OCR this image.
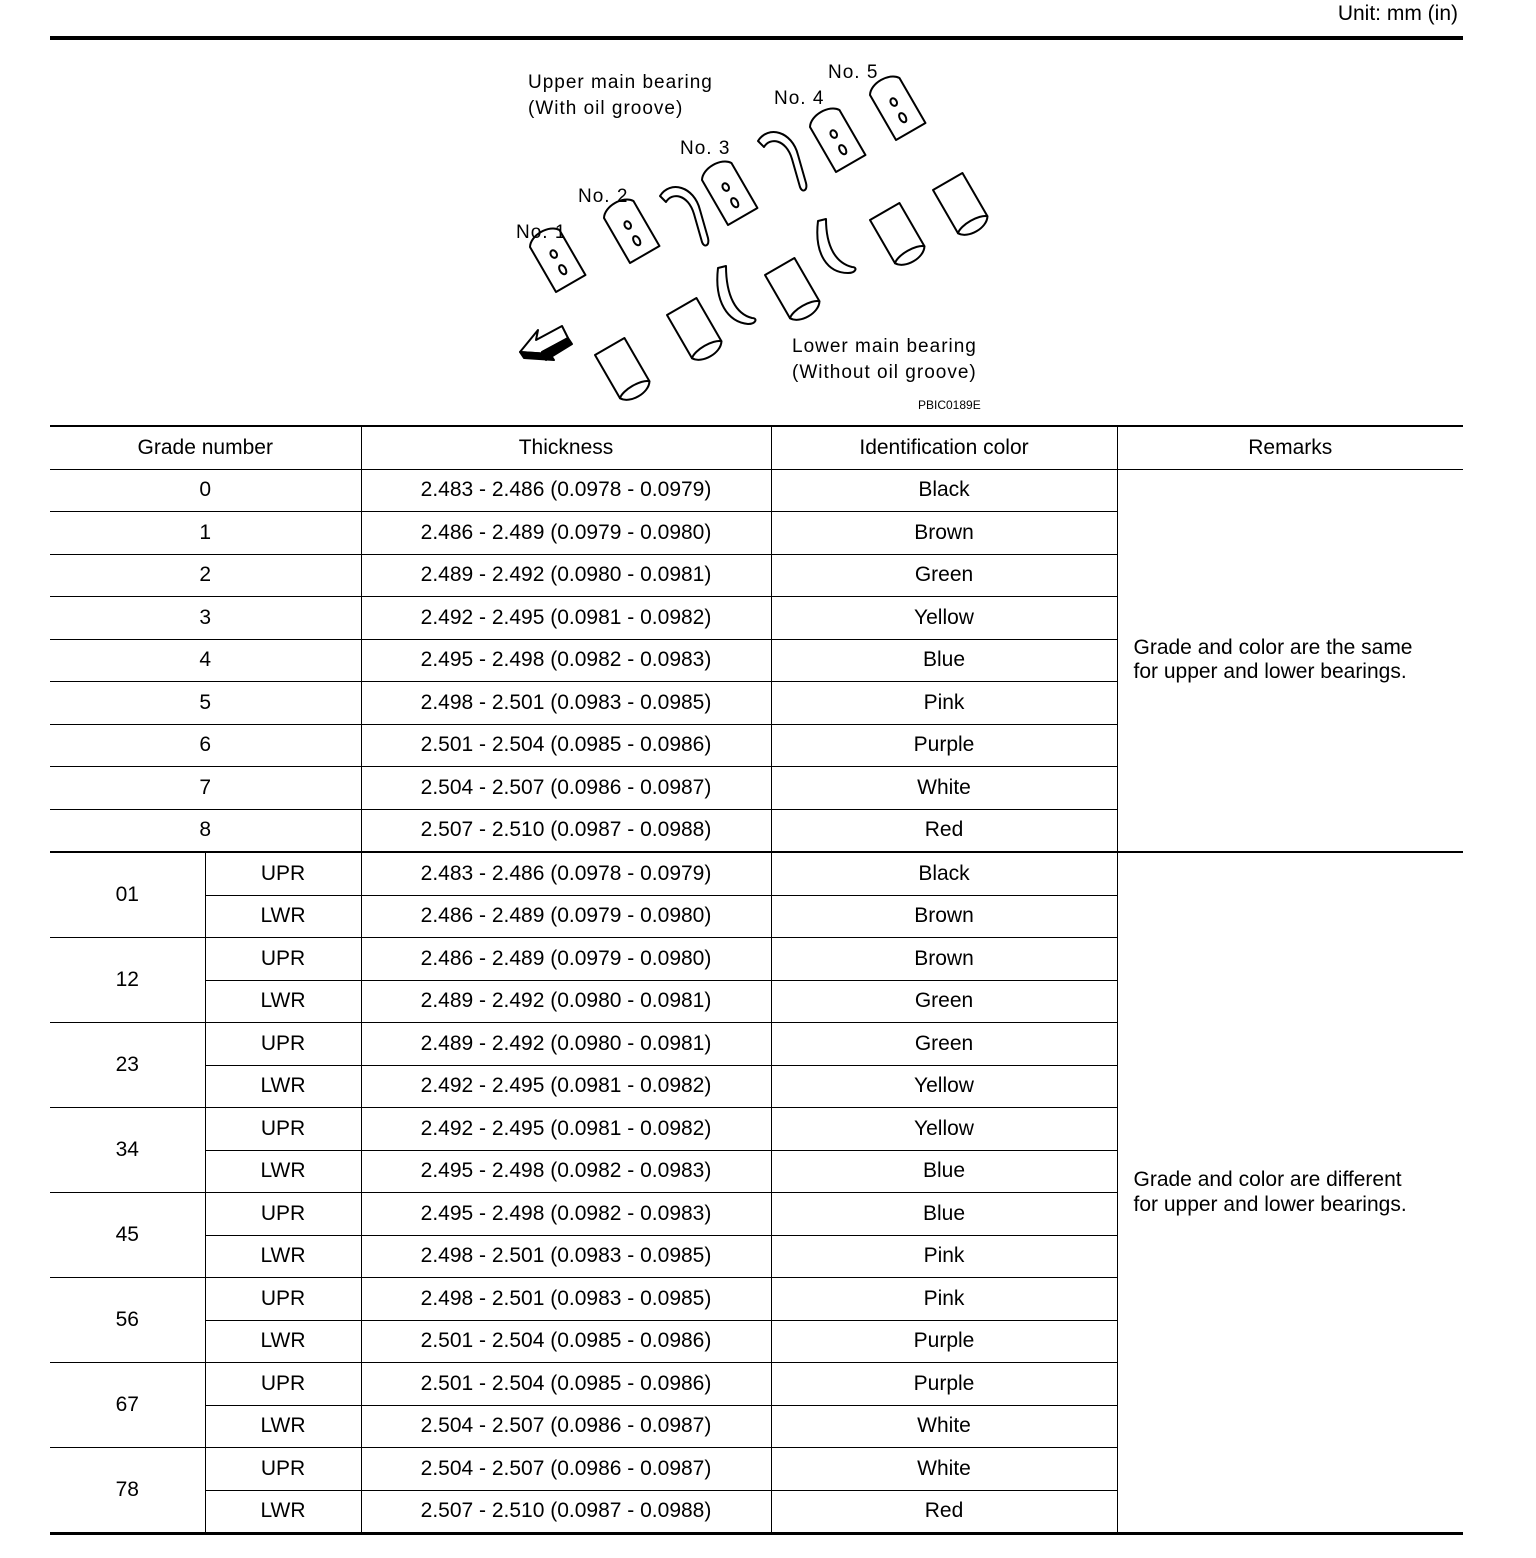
Unit: mm (in)
Upper main bearing
(With oil groove)
Lower main bearing
(Without oil groove)
No. 1
No. 2
No. 3
No. 4
No. 5
PBIC0189E
Grade number		Thickness	Identification color	Remarks
0		2.483 - 2.486 (0.0978 - 0.0979)	Black	Grade and color are the same
for upper and lower bearings.
1		2.486 - 2.489 (0.0979 - 0.0980)	Brown	
2		2.489 - 2.492 (0.0980 - 0.0981)	Green	
3		2.492 - 2.495 (0.0981 - 0.0982)	Yellow	
4		2.495 - 2.498 (0.0982 - 0.0983)	Blue	
5		2.498 - 2.501 (0.0983 - 0.0985)	Pink	
6		2.501 - 2.504 (0.0985 - 0.0986)	Purple	
7		2.504 - 2.507 (0.0986 - 0.0987)	White	
8		2.507 - 2.510 (0.0987 - 0.0988)	Red	
01	UPR	2.483 - 2.486 (0.0978 - 0.0979)	Black	Grade and color are different
for upper and lower bearings.
	LWR	2.486 - 2.489 (0.0979 - 0.0980)	Brown	
12	UPR	2.486 - 2.489 (0.0979 - 0.0980)	Brown	
	LWR	2.489 - 2.492 (0.0980 - 0.0981)	Green	
23	UPR	2.489 - 2.492 (0.0980 - 0.0981)	Green	
	LWR	2.492 - 2.495 (0.0981 - 0.0982)	Yellow	
34	UPR	2.492 - 2.495 (0.0981 - 0.0982)	Yellow	
	LWR	2.495 - 2.498 (0.0982 - 0.0983)	Blue	
45	UPR	2.495 - 2.498 (0.0982 - 0.0983)	Blue	
	LWR	2.498 - 2.501 (0.0983 - 0.0985)	Pink	
56	UPR	2.498 - 2.501 (0.0983 - 0.0985)	Pink	
	LWR	2.501 - 2.504 (0.0985 - 0.0986)	Purple	
67	UPR	2.501 - 2.504 (0.0985 - 0.0986)	Purple	
	LWR	2.504 - 2.507 (0.0986 - 0.0987)	White	
78	UPR	2.504 - 2.507 (0.0986 - 0.0987)	White	
	LWR	2.507 - 2.510 (0.0987 - 0.0988)	Red	
